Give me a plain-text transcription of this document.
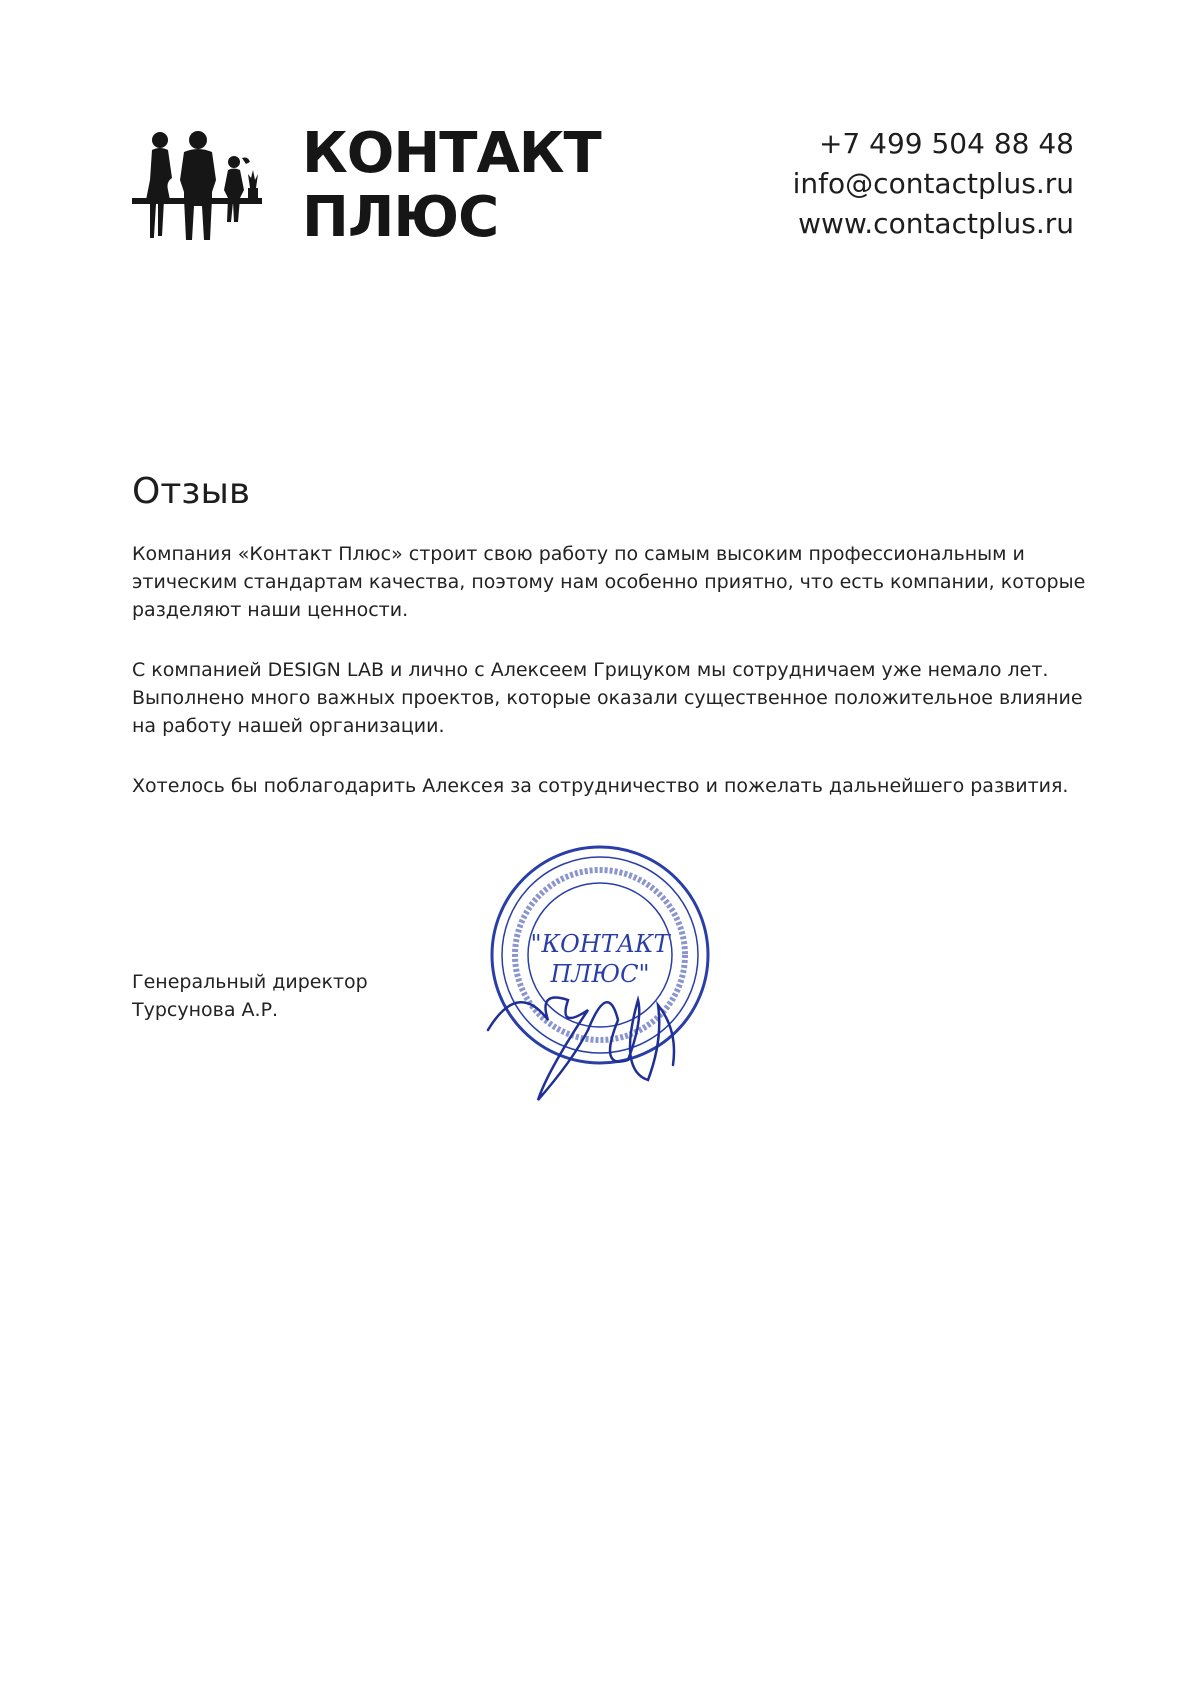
КОНТАКТ
ПЛЮС
+7 499 504 88 48
info@contactplus.ru
www.contactplus.ru
Отзыв

Компания «Контакт Плюс» строит свою работу по самым высоким профессиональным и этическим стандартам качества, поэтому нам особенно приятно, что есть компании, которые разделяют наши ценности.

С компанией DESIGN LAB и лично с Алексеем Грицуком мы сотрудничаем уже немало лет. Выполнено много важных проектов, которые оказали существенное положительное влияние на работу нашей организации.

Хотелось бы поблагодарить Алексея за сотрудничество и пожелать дальнейшего развития.

Генеральный директор
Турсунова А.Р.
"КОНТАКТ
ПЛЮС"
